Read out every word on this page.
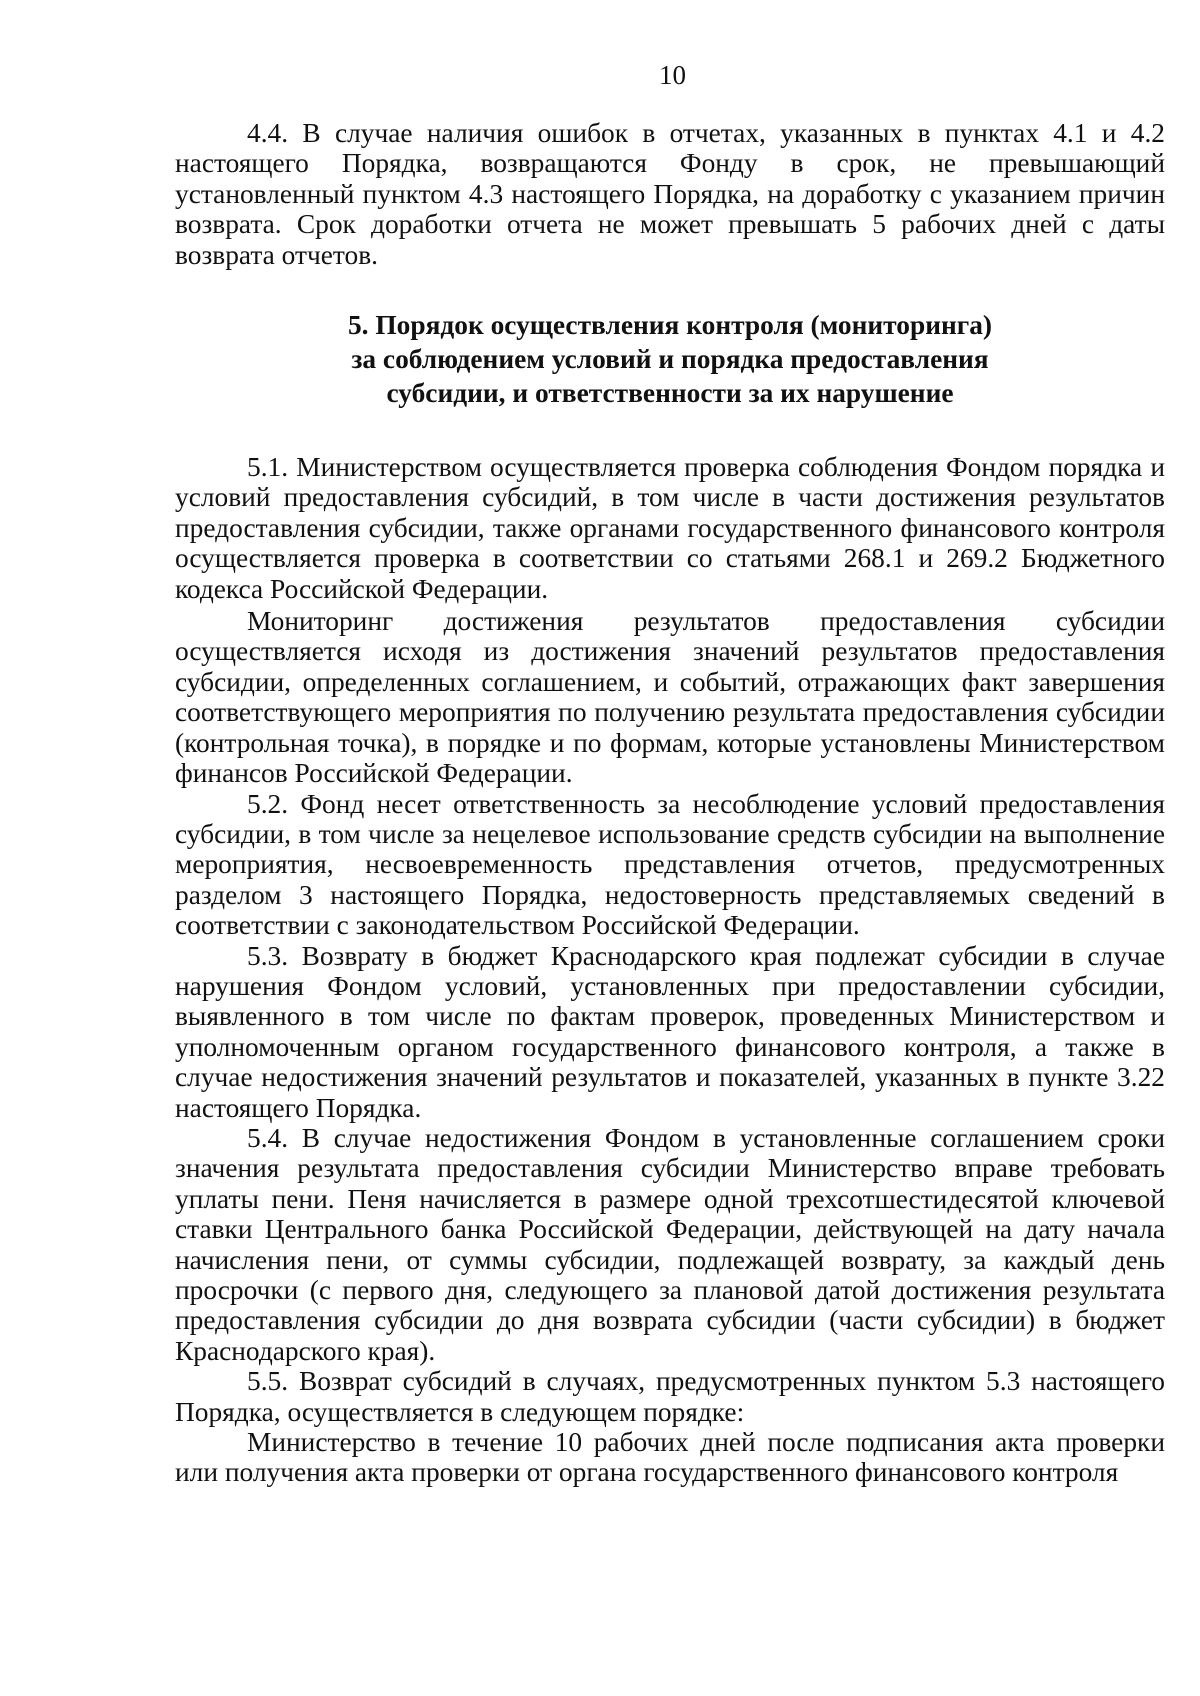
10

4.4. В случае наличия ошибок в отчетах, указанных в пунктах 4.1 и 4.2 настоящего Порядка, возвращаются Фонду в срок, не превышающий установленный пунктом 4.3 настоящего Порядка, на доработку с указанием причин возврата. Срок доработки отчета не может превышать 5 рабочих дней с даты возврата отчетов.

5. Порядок осуществления контроля (мониторинга)
за соблюдением условий и порядка предоставления
субсидии, и ответственности за их нарушение

5.1. Министерством осуществляется проверка соблюдения Фондом порядка и условий предоставления субсидий, в том числе в части достижения результатов предоставления субсидии, также органами государственного финансового контроля осуществляется проверка в соответствии со статьями 268.1 и 269.2 Бюджетного кодекса Российской Федерации.

Мониторинг достижения результатов предоставления субсидии осуществляется исходя из достижения значений результатов предоставления субсидии, определенных соглашением, и событий, отражающих факт завершения соответствующего мероприятия по получению результата предоставления субсидии (контрольная точка), в порядке и по формам, которые установлены Министерством финансов Российской Федерации.

5.2. Фонд несет ответственность за несоблюдение условий предоставления субсидии, в том числе за нецелевое использование средств субсидии на выполнение мероприятия, несвоевременность представления отчетов, предусмотренных разделом 3 настоящего Порядка, недостоверность представляемых сведений в соответствии с законодательством Российской Федерации.

5.3. Возврату в бюджет Краснодарского края подлежат субсидии в случае нарушения Фондом условий, установленных при предоставлении субсидии, выявленного в том числе по фактам проверок, проведенных Министерством и уполномоченным органом государственного финансового контроля, а также в случае недостижения значений результатов и показателей, указанных в пункте 3.22 настоящего Порядка.

5.4. В случае недостижения Фондом в установленные соглашением сроки значения результата предоставления субсидии Министерство вправе требовать уплаты пени. Пеня начисляется в размере одной трехсотшестидесятой ключевой ставки Центрального банка Российской Федерации, действующей на дату начала начисления пени, от суммы субсидии, подлежащей возврату, за каждый день просрочки (с первого дня, следующего за плановой датой достижения результата предоставления субсидии до дня возврата субсидии (части субсидии) в бюджет Краснодарского края).

5.5. Возврат субсидий в случаях, предусмотренных пунктом 5.3 настоящего Порядка, осуществляется в следующем порядке:

Министерство в течение 10 рабочих дней после подписания акта проверки или получения акта проверки от органа государственного финансового контроля
